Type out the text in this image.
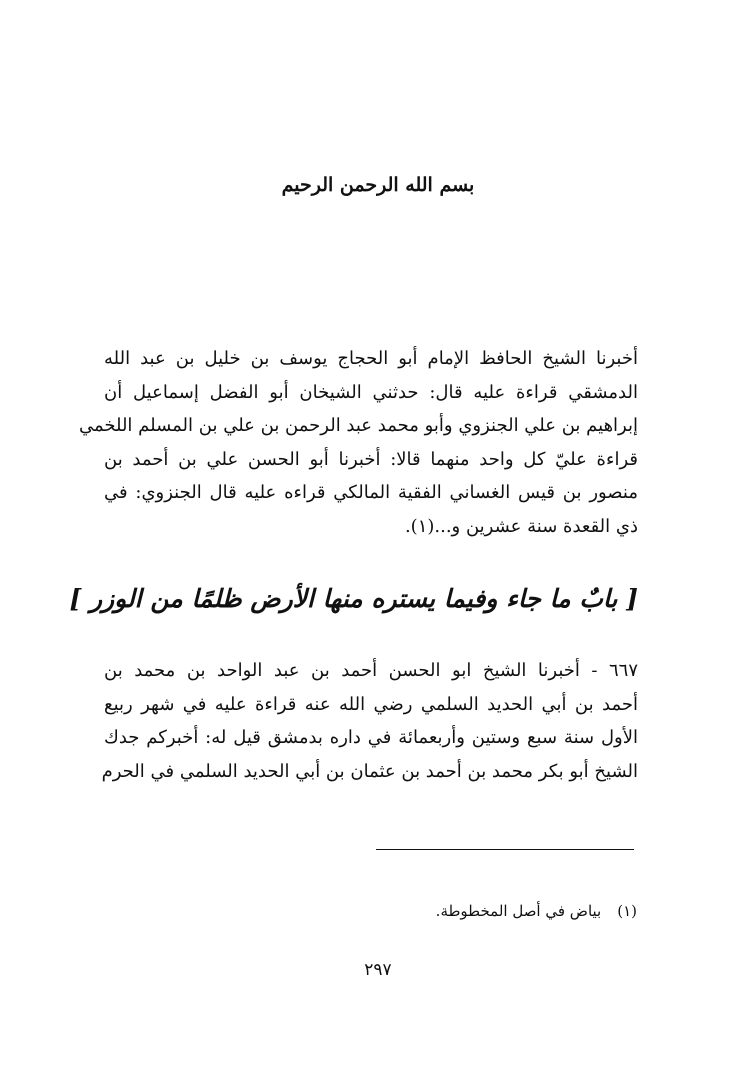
بسم الله الرحمن الرحيم
أخبرنا الشيخ الحافظ الإمام أبو الحجاج يوسف بن خليل بن عبد الله
الدمشقي قراءة عليه قال: حدثني الشيخان أبو الفضل إسماعيل أن
إبراهيم بن علي الجنزوي وأبو محمد عبد الرحمن بن علي بن المسلم اللخمي
قراءة عليّ كل واحد منهما قالا: أخبرنا أبو الحسن علي بن أحمد بن
منصور بن قيس الغساني الفقية المالكي قراءه عليه قال الجنزوي: في
ذي القعدة سنة عشرين و...(١).
[ بابٌ ما جاء وفيما يستره منها الأرض ظلمًا من الوزر ]
٦٦٧ - أخبرنا الشيخ ابو الحسن أحمد بن عبد الواحد بن محمد بن
أحمد بن أبي الحديد السلمي رضي الله عنه قراءة عليه في شهر ربيع
الأول سنة سبع وستين وأربعمائة في داره بدمشق قيل له: أخبركم جدك
الشيخ أبو بكر محمد بن أحمد بن عثمان بن أبي الحديد السلمي في الحرم
(١)بياض في أصل المخطوطة.
٢٩٧
